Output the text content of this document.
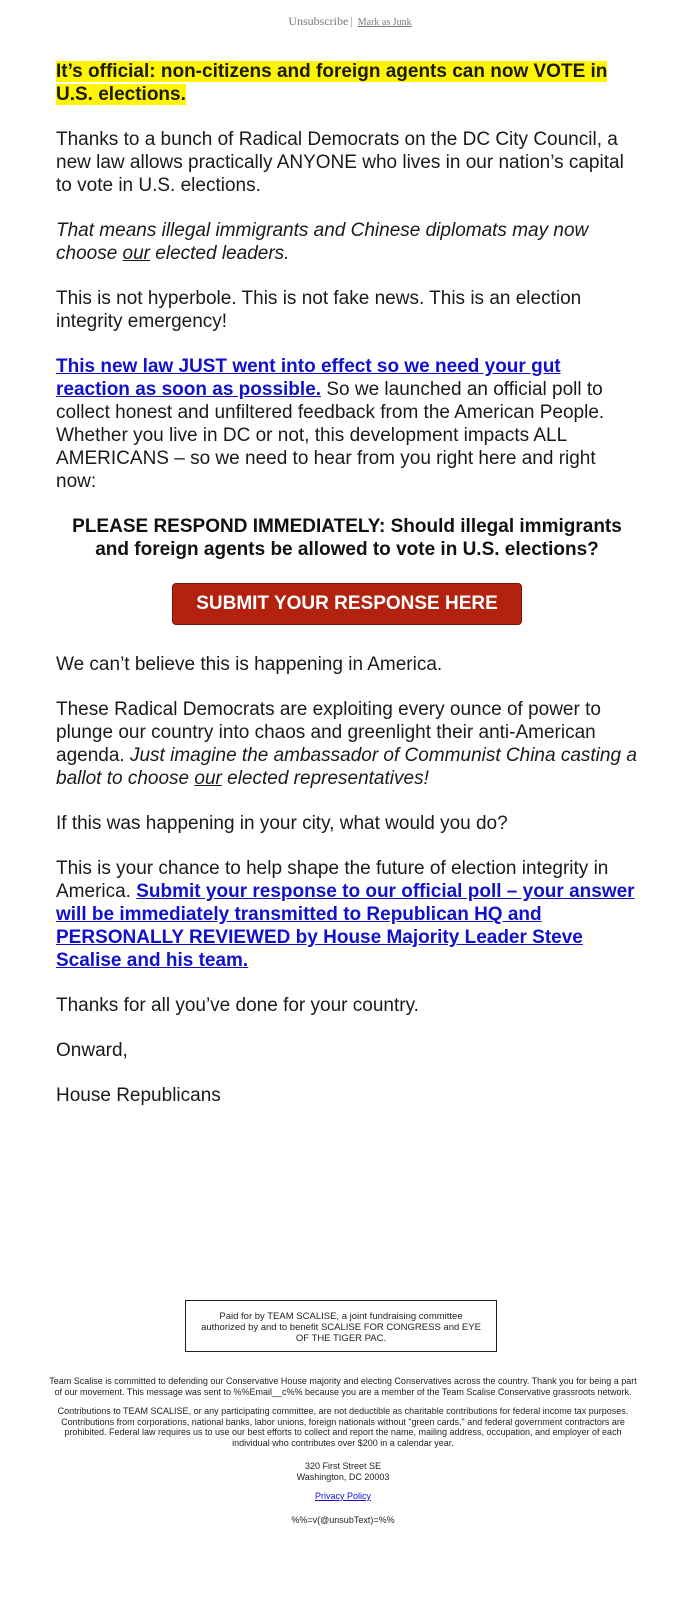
Unsubscribe | Mark as Junk

It’s official: non-citizens and foreign agents can now VOTE in U.S. elections.

Thanks to a bunch of Radical Democrats on the DC City Council, a new law allows practically ANYONE who lives in our nation’s capital to vote in U.S. elections.

That means illegal immigrants and Chinese diplomats may now choose our elected leaders.

This is not hyperbole. This is not fake news. This is an election integrity emergency!

This new law JUST went into effect so we need your gut reaction as soon as possible. So we launched an official poll to collect honest and unfiltered feedback from the American People. Whether you live in DC or not, this development impacts ALL AMERICANS – so we need to hear from you right here and right now:

PLEASE RESPOND IMMEDIATELY: Should illegal immigrants and foreign agents be allowed to vote in U.S. elections?

SUBMIT YOUR RESPONSE HERE

We can’t believe this is happening in America.

These Radical Democrats are exploiting every ounce of power to plunge our country into chaos and greenlight their anti-American agenda. Just imagine the ambassador of Communist China casting a ballot to choose our elected representatives!

If this was happening in your city, what would you do?

This is your chance to help shape the future of election integrity in America. Submit your response to our official poll – your answer will be immediately transmitted to Republican HQ and PERSONALLY REVIEWED by House Majority Leader Steve Scalise and his team.

Thanks for all you’ve done for your country.

Onward,

House Republicans

Paid for by TEAM SCALISE, a joint fundraising committee authorized by and to benefit SCALISE FOR CONGRESS and EYE OF THE TIGER PAC.

Team Scalise is committed to defending our Conservative House majority and electing Conservatives across the country. Thank you for being a part of our movement. This message was sent to %%Email__c%% because you are a member of the Team Scalise Conservative grassroots network.

Contributions to TEAM SCALISE, or any participating committee, are not deductible as charitable contributions for federal income tax purposes. Contributions from corporations, national banks, labor unions, foreign nationals without "green cards," and federal government contractors are prohibited. Federal law requires us to use our best efforts to collect and report the name, mailing address, occupation, and employer of each individual who contributes over $200 in a calendar year.

320 First Street SE
Washington, DC 20003

Privacy Policy

%%=v(@unsubText)=%%
